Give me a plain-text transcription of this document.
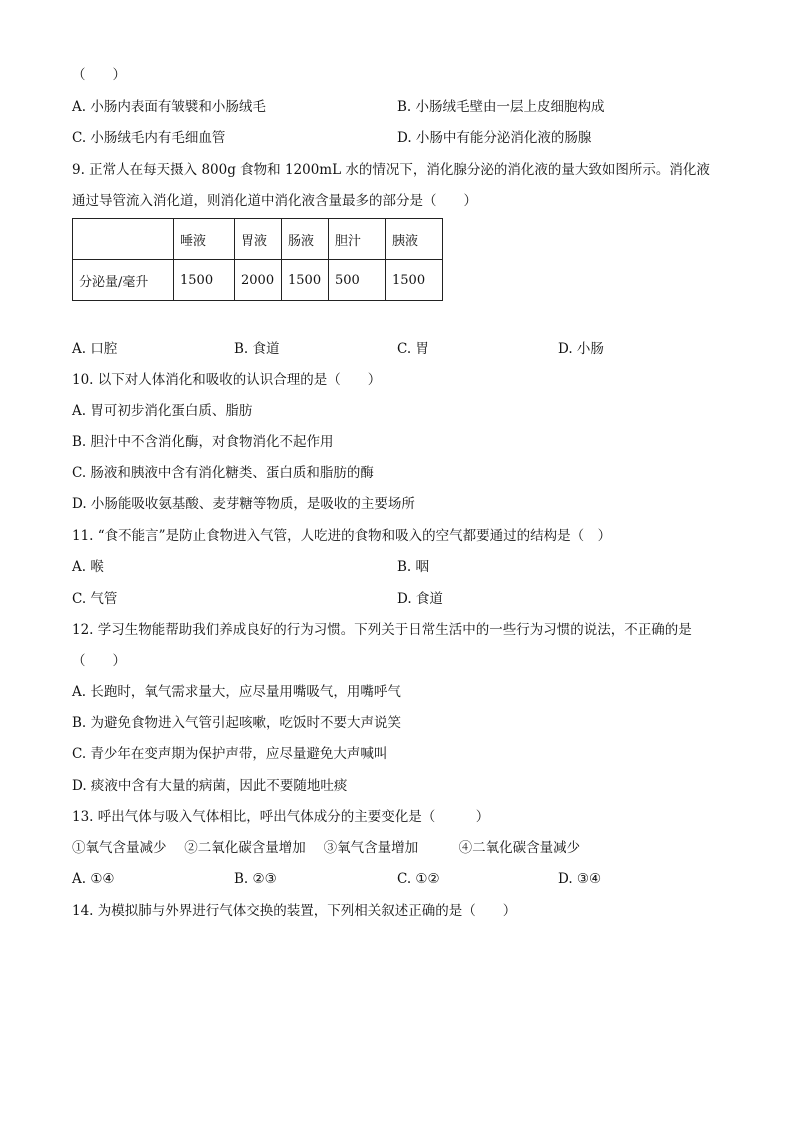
（　　）
A. 小肠内表面有皱襞和小肠绒毛	B. 小肠绒毛壁由一层上皮细胞构成
C. 小肠绒毛内有毛细血管	D. 小肠中有能分泌消化液的肠腺
9. 正常人在每天摄入 800g 食物和 1200mL 水的情况下，消化腺分泌的消化液的量大致如图所示。消化液
通过导管流入消化道，则消化道中消化液含量最多的部分是（　　）
	唾液	胃液	肠液	胆汁	胰液
分泌量/毫升	1500	2000	1500	500	1500
A. 口腔	B. 食道	C. 胃	D. 小肠
10. 以下对人体消化和吸收的认识合理的是（　　）
A. 胃可初步消化蛋白质、脂肪
B. 胆汁中不含消化酶，对食物消化不起作用
C. 肠液和胰液中含有消化糖类、蛋白质和脂肪的酶
D. 小肠能吸收氨基酸、麦芽糖等物质，是吸收的主要场所
11. “食不能言”是防止食物进入气管，人吃进的食物和吸入的空气都要通过的结构是（　）
A. 喉	B. 咽
C. 气管	D. 食道
12. 学习生物能帮助我们养成良好的行为习惯。下列关于日常生活中的一些行为习惯的说法，不正确的是
（　　）
A. 长跑时，氧气需求量大，应尽量用嘴吸气，用嘴呼气
B. 为避免食物进入气管引起咳嗽，吃饭时不要大声说笑
C. 青少年在变声期为保护声带，应尽量避免大声喊叫
D. 痰液中含有大量的病菌，因此不要随地吐痰
13. 呼出气体与吸入气体相比，呼出气体成分的主要变化是（　　　）
①氧气含量减少　 ②二氧化碳含量增加　 ③氧气含量增加　　　④二氧化碳含量减少
A. ①④	B. ②③	C. ①②	D. ③④
14. 为模拟肺与外界进行气体交换的装置，下列相关叙述正确的是（　　）
